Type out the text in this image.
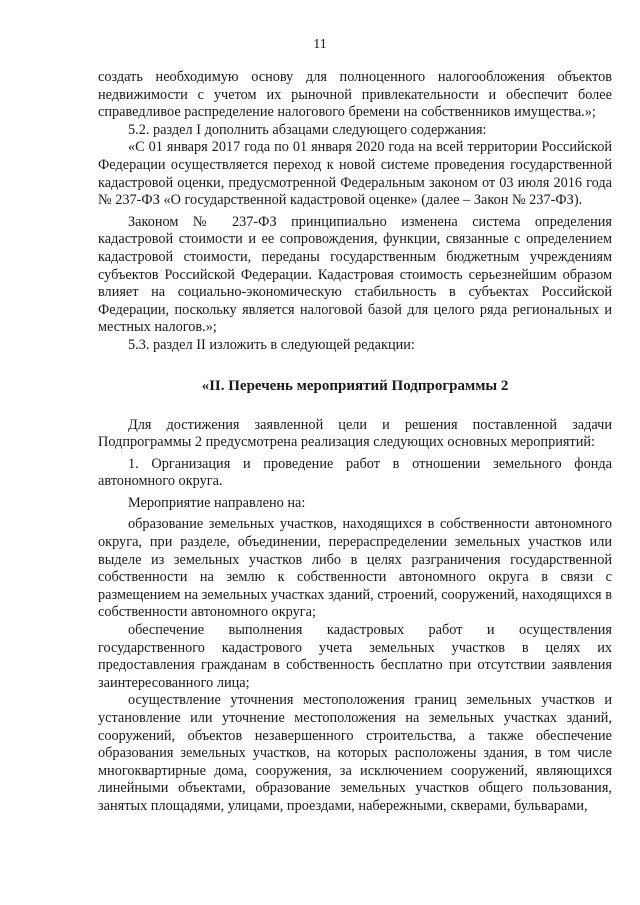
11

создать необходимую основу для полноценного налогообложения объектов недвижимости с учетом их рыночной привлекательности и обеспечит более справедливое распределение налогового бремени на собственников имущества.»;

5.2. раздел I дополнить абзацами следующего содержания:

«С 01 января 2017 года по 01 января 2020 года на всей территории Российской Федерации осуществляется переход к новой системе проведения государственной кадастровой оценки, предусмотренной Федеральным законом от 03 июля 2016 года № 237-ФЗ «О государственной кадастровой оценке» (далее – Закон № 237-ФЗ).

Законом № 237-ФЗ принципиально изменена система определения кадастровой стоимости и ее сопровождения, функции, связанные с определением кадастровой стоимости, переданы государственным бюджетным учреждениям субъектов Российской Федерации. Кадастровая стоимость серьезнейшим образом влияет на социально-экономическую стабильность в субъектах Российской Федерации, поскольку является налоговой базой для целого ряда региональных и местных налогов.»;

5.3. раздел II изложить в следующей редакции:

«II. Перечень мероприятий Подпрограммы 2

Для достижения заявленной цели и решения поставленной задачи Подпрограммы 2 предусмотрена реализация следующих основных мероприятий:

1. Организация и проведение работ в отношении земельного фонда автономного округа.

Мероприятие направлено на:

образование земельных участков, находящихся в собственности автономного округа, при разделе, объединении, перераспределении земельных участков или выделе из земельных участков либо в целях разграничения государственной собственности на землю к собственности автономного округа в связи с размещением на земельных участках зданий, строений, сооружений, находящихся в собственности автономного округа;

обеспечение выполнения кадастровых работ и осуществления государственного кадастрового учета земельных участков в целях их предоставления гражданам в собственность бесплатно при отсутствии заявления заинтересованного лица;

осуществление уточнения местоположения границ земельных участков и установление или уточнение местоположения на земельных участках зданий, сооружений, объектов незавершенного строительства, а также обеспечение образования земельных участков, на которых расположены здания, в том числе многоквартирные дома, сооружения, за исключением сооружений, являющихся линейными объектами, образование земельных участков общего пользования, занятых площадями, улицами, проездами, набережными, скверами, бульварами,
